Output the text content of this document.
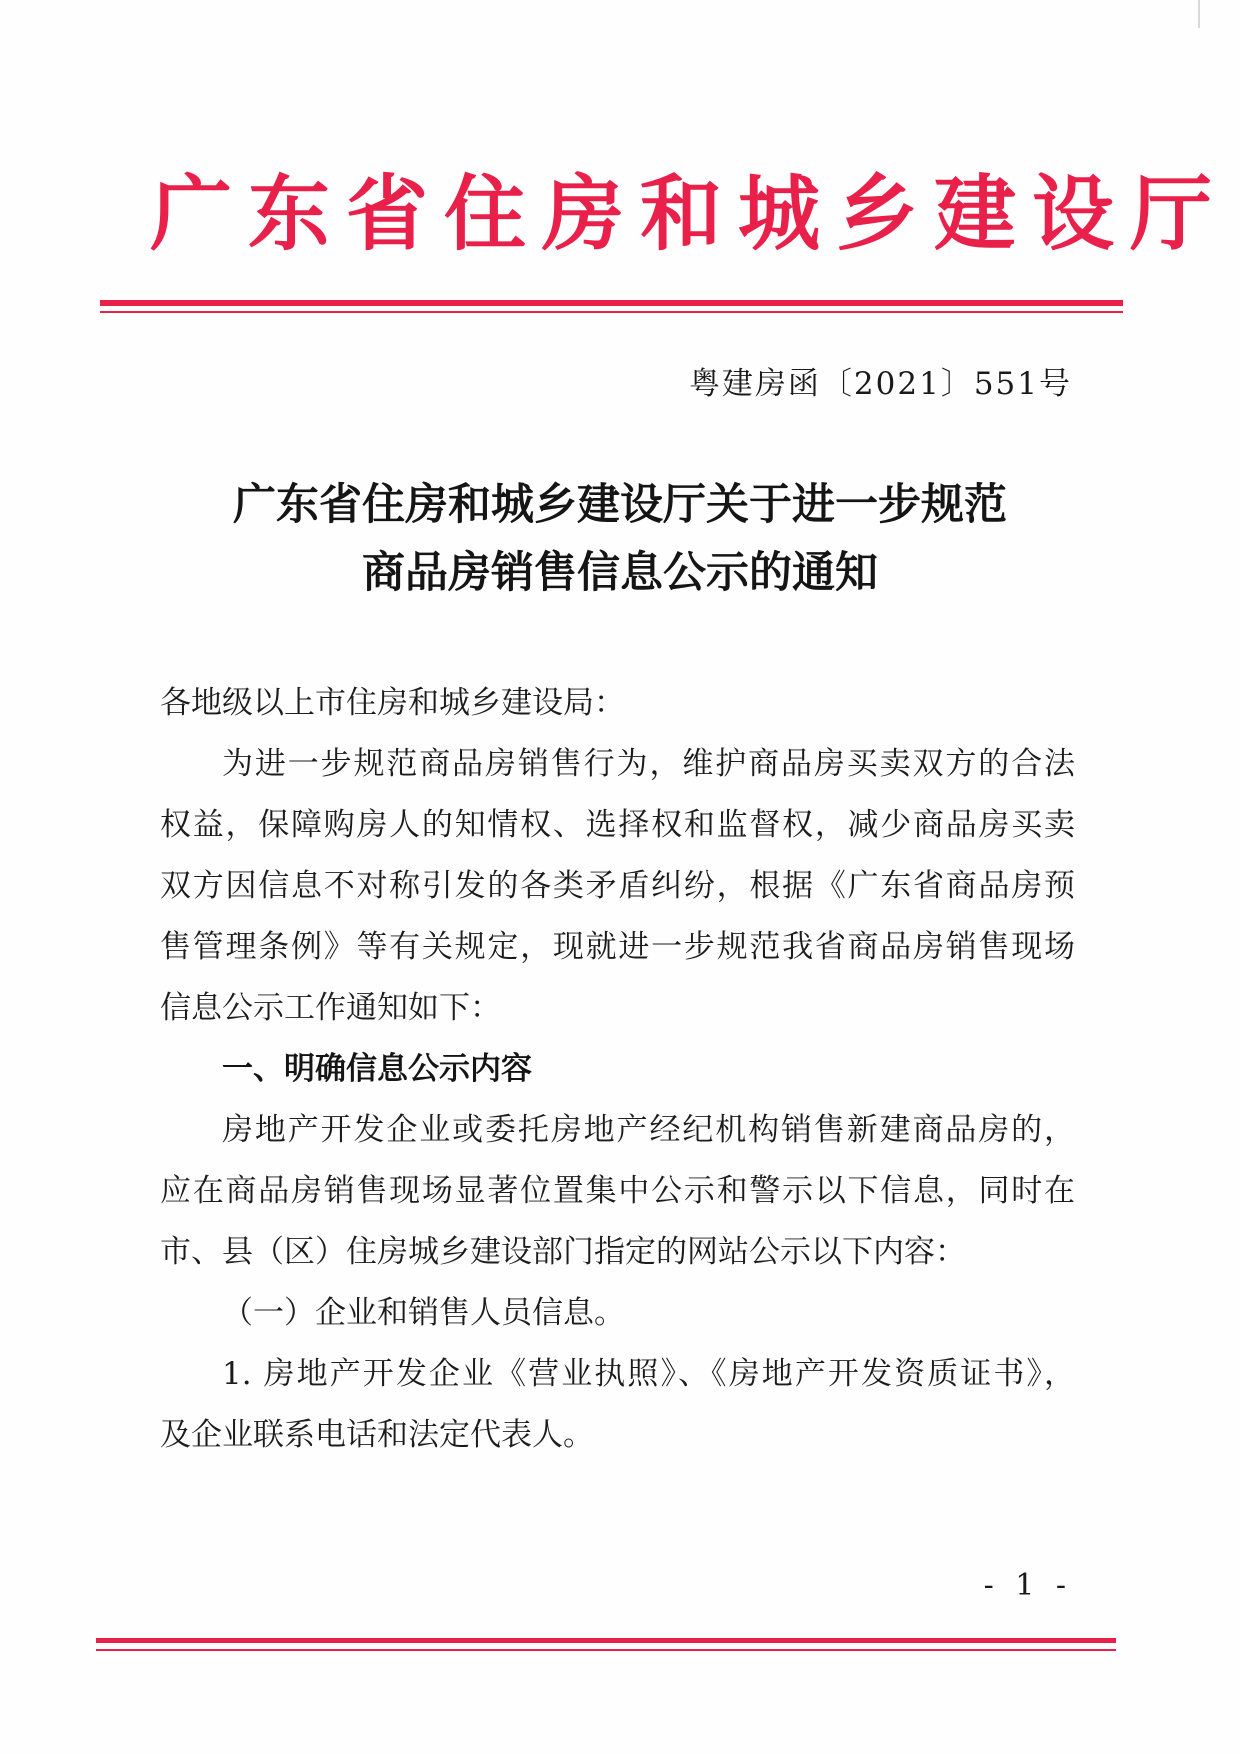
广东省住房和城乡建设厅
粤建房函〔2021〕551号
广东省住房和城乡建设厅关于进一步规范
商品房销售信息公示的通知
各地级以上市住房和城乡建设局：
为进一步规范商品房销售行为，维护商品房买卖双方的合法
权益，保障购房人的知情权、选择权和监督权，减少商品房买卖
双方因信息不对称引发的各类矛盾纠纷，根据《广东省商品房预
售管理条例》等有关规定，现就进一步规范我省商品房销售现场
信息公示工作通知如下：
一、明确信息公示内容
房地产开发企业或委托房地产经纪机构销售新建商品房的，
应在商品房销售现场显著位置集中公示和警示以下信息，同时在
市、县（区）住房城乡建设部门指定的网站公示以下内容：
（一）企业和销售人员信息。
1. 房地产开发企业《营业执照》、《房地产开发资质证书》，
及企业联系电话和法定代表人。
- 1 -
